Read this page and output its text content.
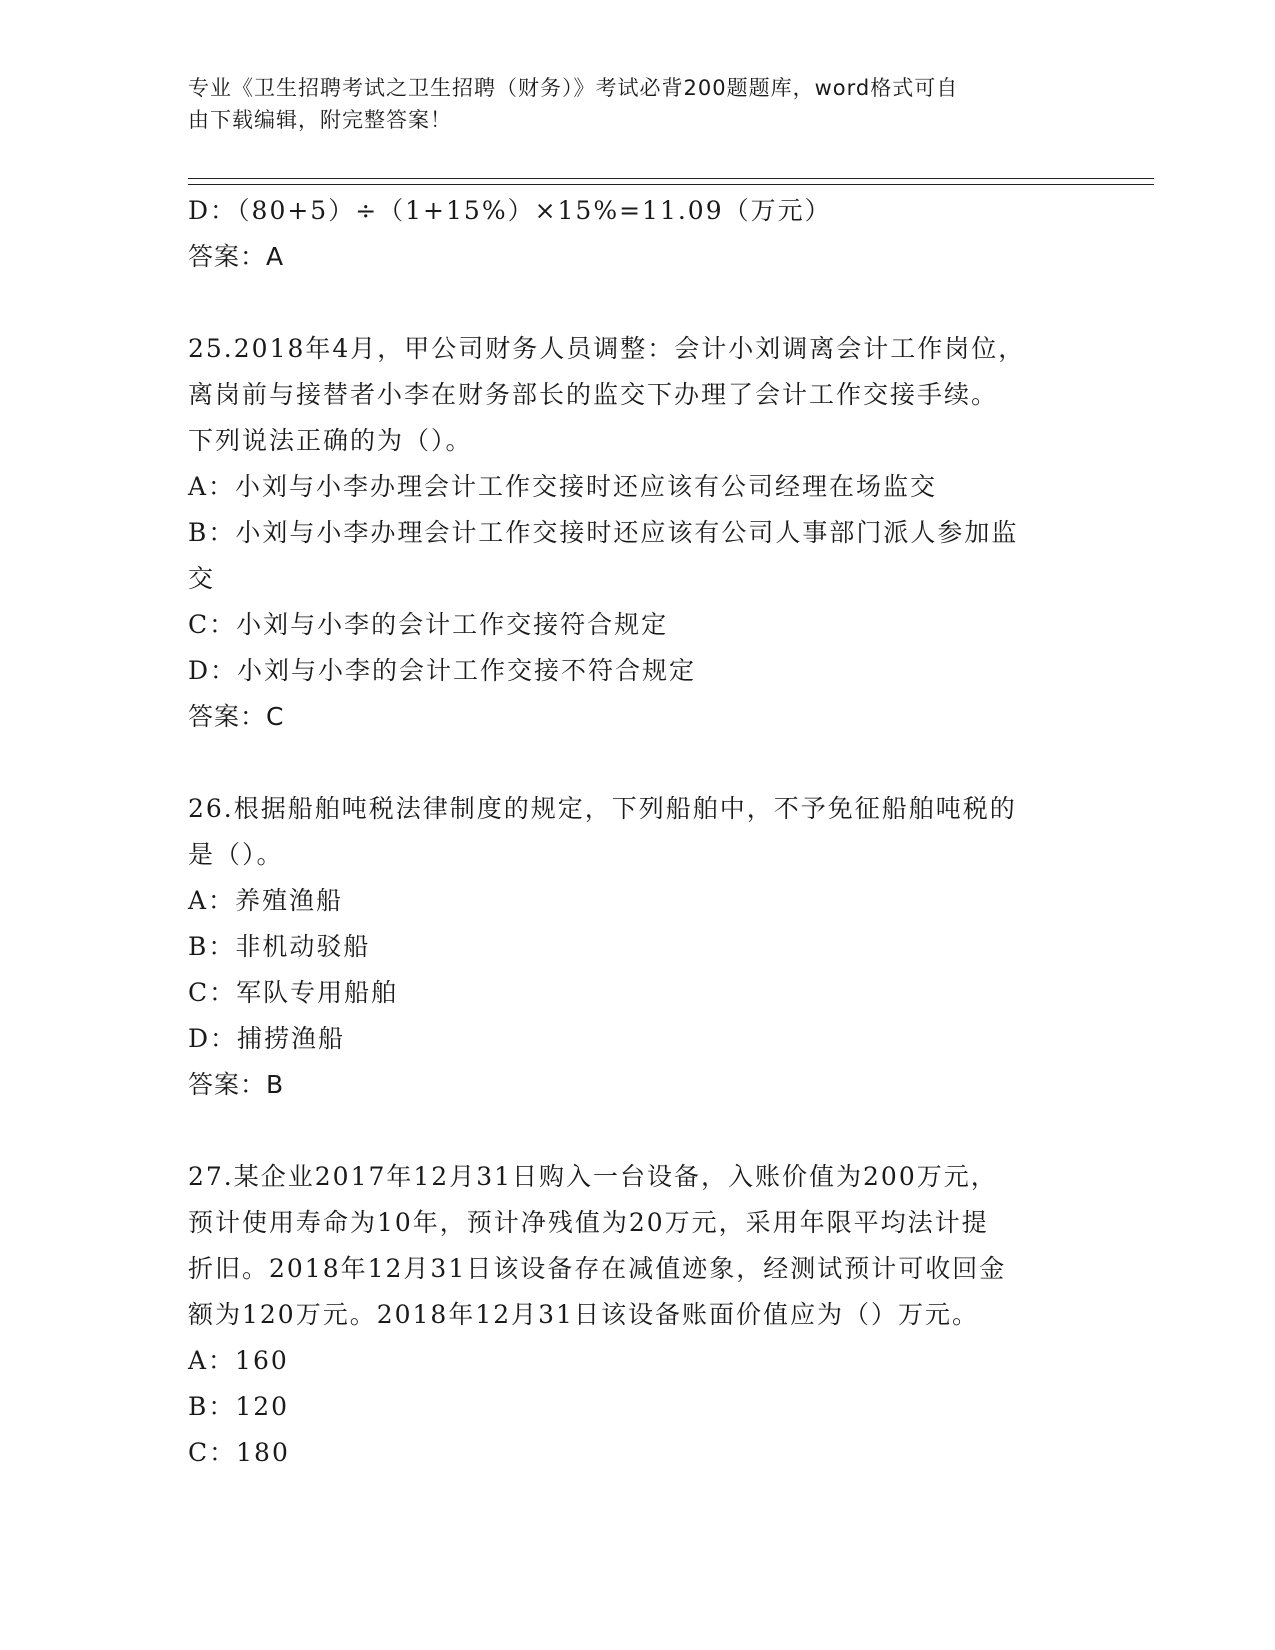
专业《卫生招聘考试之卫生招聘（财务）》考试必背200题题库，word格式可自
由下载编辑，附完整答案！
D：（80+5）÷（1+15%）×15%=11.09（万元）
答案：A
25.2018年4月，甲公司财务人员调整：会计小刘调离会计工作岗位，
离岗前与接替者小李在财务部长的监交下办理了会计工作交接手续。
下列说法正确的为（）。
A：小刘与小李办理会计工作交接时还应该有公司经理在场监交
B：小刘与小李办理会计工作交接时还应该有公司人事部门派人参加监
交
C：小刘与小李的会计工作交接符合规定
D：小刘与小李的会计工作交接不符合规定
答案：C
26.根据船舶吨税法律制度的规定，下列船舶中，不予免征船舶吨税的
是（）。
A：养殖渔船
B：非机动驳船
C：军队专用船舶
D：捕捞渔船
答案：B
27.某企业2017年12月31日购入一台设备，入账价值为200万元，
预计使用寿命为10年，预计净残值为20万元，采用年限平均法计提
折旧。2018年12月31日该设备存在减值迹象，经测试预计可收回金
额为120万元。2018年12月31日该设备账面价值应为（）万元。
A：160
B：120
C：180
